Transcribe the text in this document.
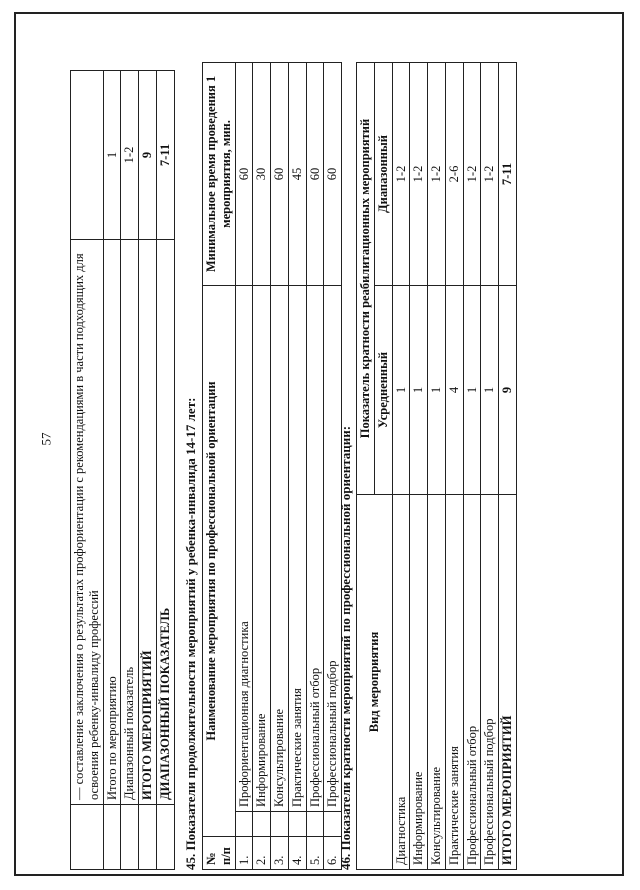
57
	— составление заключения о результатах профориентации с рекомендациями в части подходящих для освоения ребенку-инвалиду профессий	
	Итого по мероприятию	1
	Диапазонный показатель	1-2
	ИТОГО МЕРОПРИЯТИЙ	9
	ДИАПАЗОННЫЙ ПОКАЗАТЕЛЬ	7-11
45. Показатели продолжительности мероприятий у ребенка-инвалида 14-17 лет: № п/п	Наименование мероприятия по профессиональной ориентации		Минимальное время проведения 1 мероприятия, мин.
1.		Профориентационная диагностика	60
2.		Информирование	30
3.		Консультирование	60
4.		Практические занятия	45
5.		Профессиональный отбор	60
6.		Профессиональный подбор	60
46. Показатели кратности мероприятий по профессиональной ориентации: Вид мероприятия	Показатель кратности реабилитационных мероприятий	
	Усредненный	Диапазонный
Диагностика	1	1-2
Информирование	1	1-2
Консультирование	1	1-2
Практические занятия	4	2-6
Профессиональный отбор	1	1-2
Профессиональный подбор	1	1-2
ИТОГО МЕРОПРИЯТИЙ	9	7-11
